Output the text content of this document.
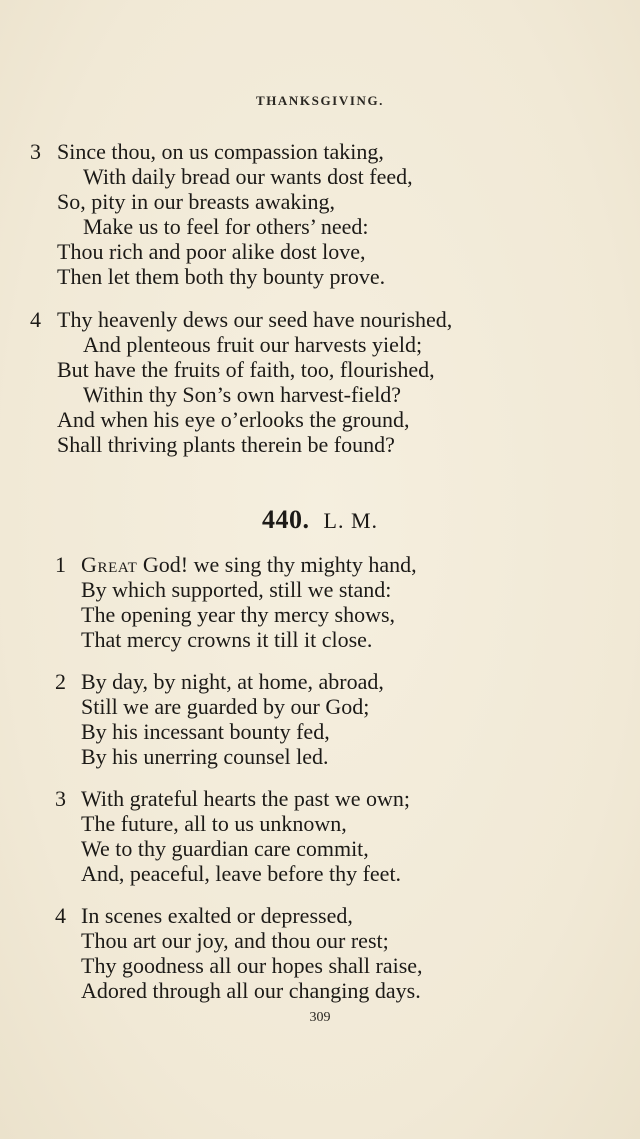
THANKSGIVING.
3 Since thou, on us compassion taking,
With daily bread our wants dost feed,
So, pity in our breasts awaking,
Make us to feel for others’ need:
Thou rich and poor alike dost love,
Then let them both thy bounty prove.
4 Thy heavenly dews our seed have nourished,
And plenteous fruit our harvests yield;
But have the fruits of faith, too, flourished,
Within thy Son’s own harvest-field?
And when his eye o’erlooks the ground,
Shall thriving plants therein be found?
440. L. M.
1 Great God! we sing thy mighty hand,
By which supported, still we stand:
The opening year thy mercy shows,
That mercy crowns it till it close.
2 By day, by night, at home, abroad,
Still we are guarded by our God;
By his incessant bounty fed,
By his unerring counsel led.
3 With grateful hearts the past we own;
The future, all to us unknown,
We to thy guardian care commit,
And, peaceful, leave before thy feet.
4 In scenes exalted or depressed,
Thou art our joy, and thou our rest;
Thy goodness all our hopes shall raise,
Adored through all our changing days.
309
